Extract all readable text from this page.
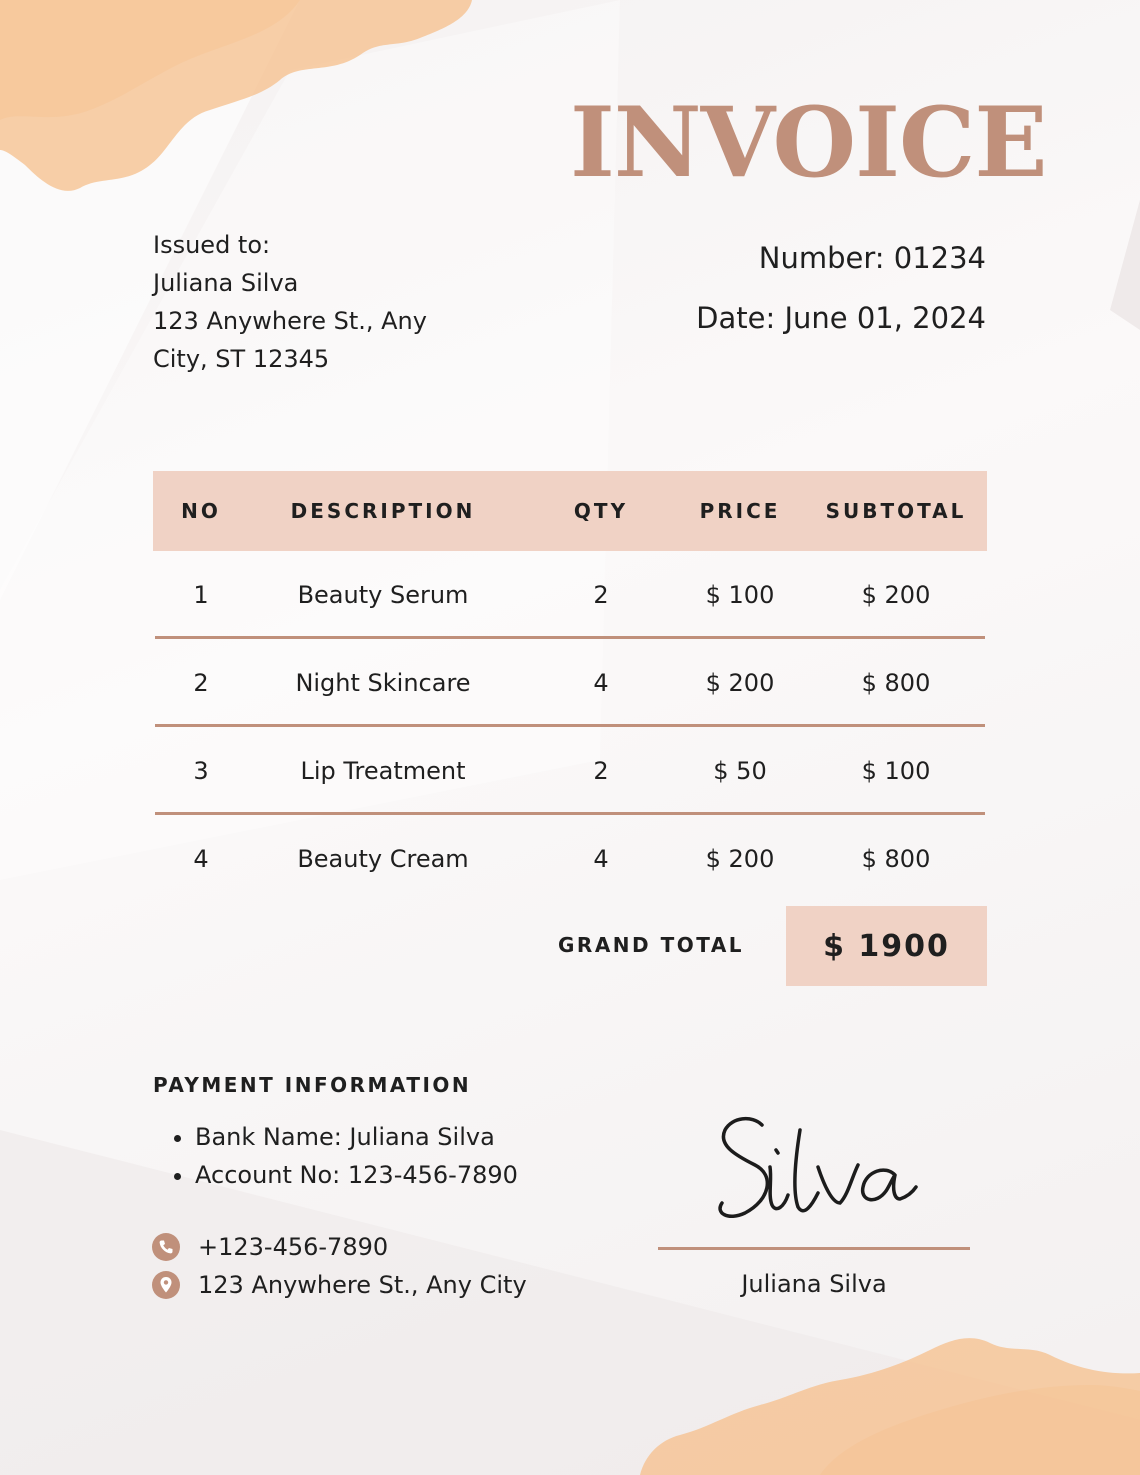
INVOICE
Issued to:
Juliana Silva
123 Anywhere St., Any
City, ST 12345
Number: 01234
Date: June 01, 2024
NO	DESCRIPTION	QTY	PRICE	SUBTOTAL
1	Beauty Serum	2	$ 100	$ 200
2	Night Skincare	4	$ 200	$ 800
3	Lip Treatment	2	$ 50	$ 100
4	Beauty Cream	4	$ 200	$ 800
GRAND TOTAL	$ 1900
PAYMENT INFORMATION
• Bank Name: Juliana Silva
• Account No: 123-456-7890
+123-456-7890
123 Anywhere St., Any City
Silva
Juliana Silva
